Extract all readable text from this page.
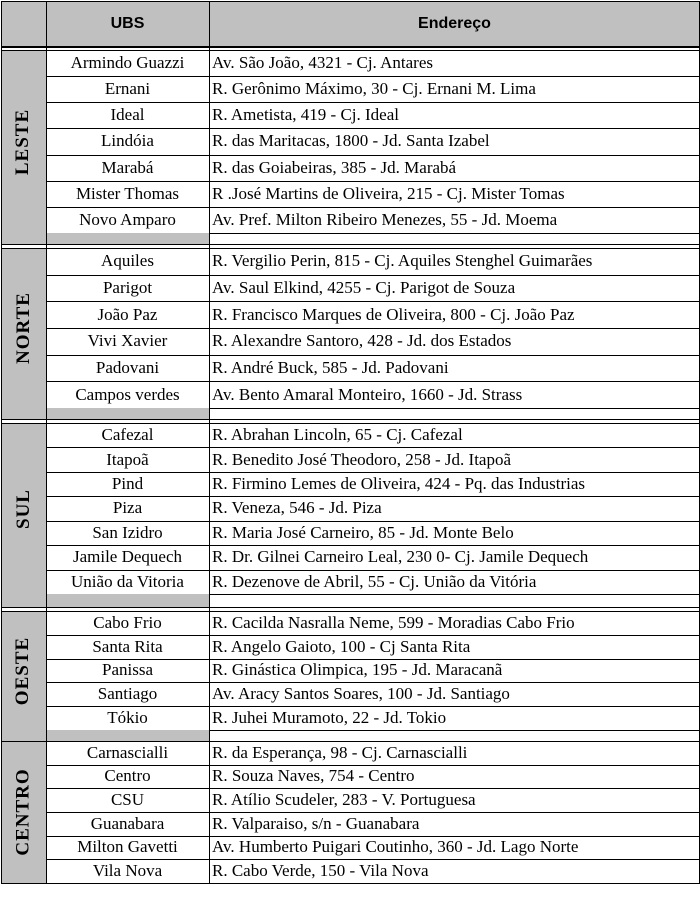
UBS	Endereço
LESTE
Armindo Guazzi	Av. São João, 4321 - Cj. Antares
Ernani	R. Gerônimo Máximo, 30 - Cj. Ernani M. Lima
Ideal	R. Ametista, 419 - Cj. Ideal
Lindóia	R. das Maritacas, 1800 - Jd. Santa Izabel
Marabá	R. das Goiabeiras, 385 - Jd. Marabá
Mister Thomas	R .José Martins de Oliveira, 215 - Cj. Mister Tomas
Novo Amparo	Av. Pref. Milton Ribeiro Menezes, 55 - Jd. Moema
NORTE
Aquiles	R. Vergilio Perin, 815 - Cj. Aquiles Stenghel Guimarães
Parigot	Av. Saul Elkind, 4255 - Cj. Parigot de Souza
João Paz	R. Francisco Marques de Oliveira, 800 - Cj. João Paz
Vivi Xavier	R. Alexandre Santoro, 428 - Jd. dos Estados
Padovani	R. André Buck, 585 - Jd. Padovani
Campos verdes	Av. Bento Amaral Monteiro, 1660 - Jd. Strass
SUL
Cafezal	R. Abrahan Lincoln, 65 - Cj. Cafezal
Itapoã	R. Benedito José Theodoro, 258 - Jd. Itapoã
Pind	R. Firmino Lemes de Oliveira, 424 - Pq. das Industrias
Piza	R. Veneza, 546 - Jd. Piza
San Izidro	R. Maria José Carneiro, 85 - Jd. Monte Belo
Jamile Dequech	R. Dr. Gilnei Carneiro Leal, 230 0- Cj. Jamile Dequech
União da Vitoria	R. Dezenove de Abril, 55 - Cj. União da Vitória
OESTE
Cabo Frio	R. Cacilda Nasralla Neme, 599 - Moradias Cabo Frio
Santa Rita	R. Angelo Gaioto, 100 - Cj Santa Rita
Panissa	R. Ginástica Olimpica, 195 - Jd. Maracanã
Santiago	Av. Aracy Santos Soares, 100 - Jd. Santiago
Tókio	R. Juhei Muramoto, 22 - Jd. Tokio
CENTRO
Carnascialli	R. da Esperança, 98 - Cj. Carnascialli
Centro	R. Souza Naves, 754 - Centro
CSU	R. Atílio Scudeler, 283 - V. Portuguesa
Guanabara	R. Valparaiso, s/n - Guanabara
Milton Gavetti	Av. Humberto Puigari Coutinho, 360 - Jd. Lago Norte
Vila Nova	R. Cabo Verde, 150 - Vila Nova
